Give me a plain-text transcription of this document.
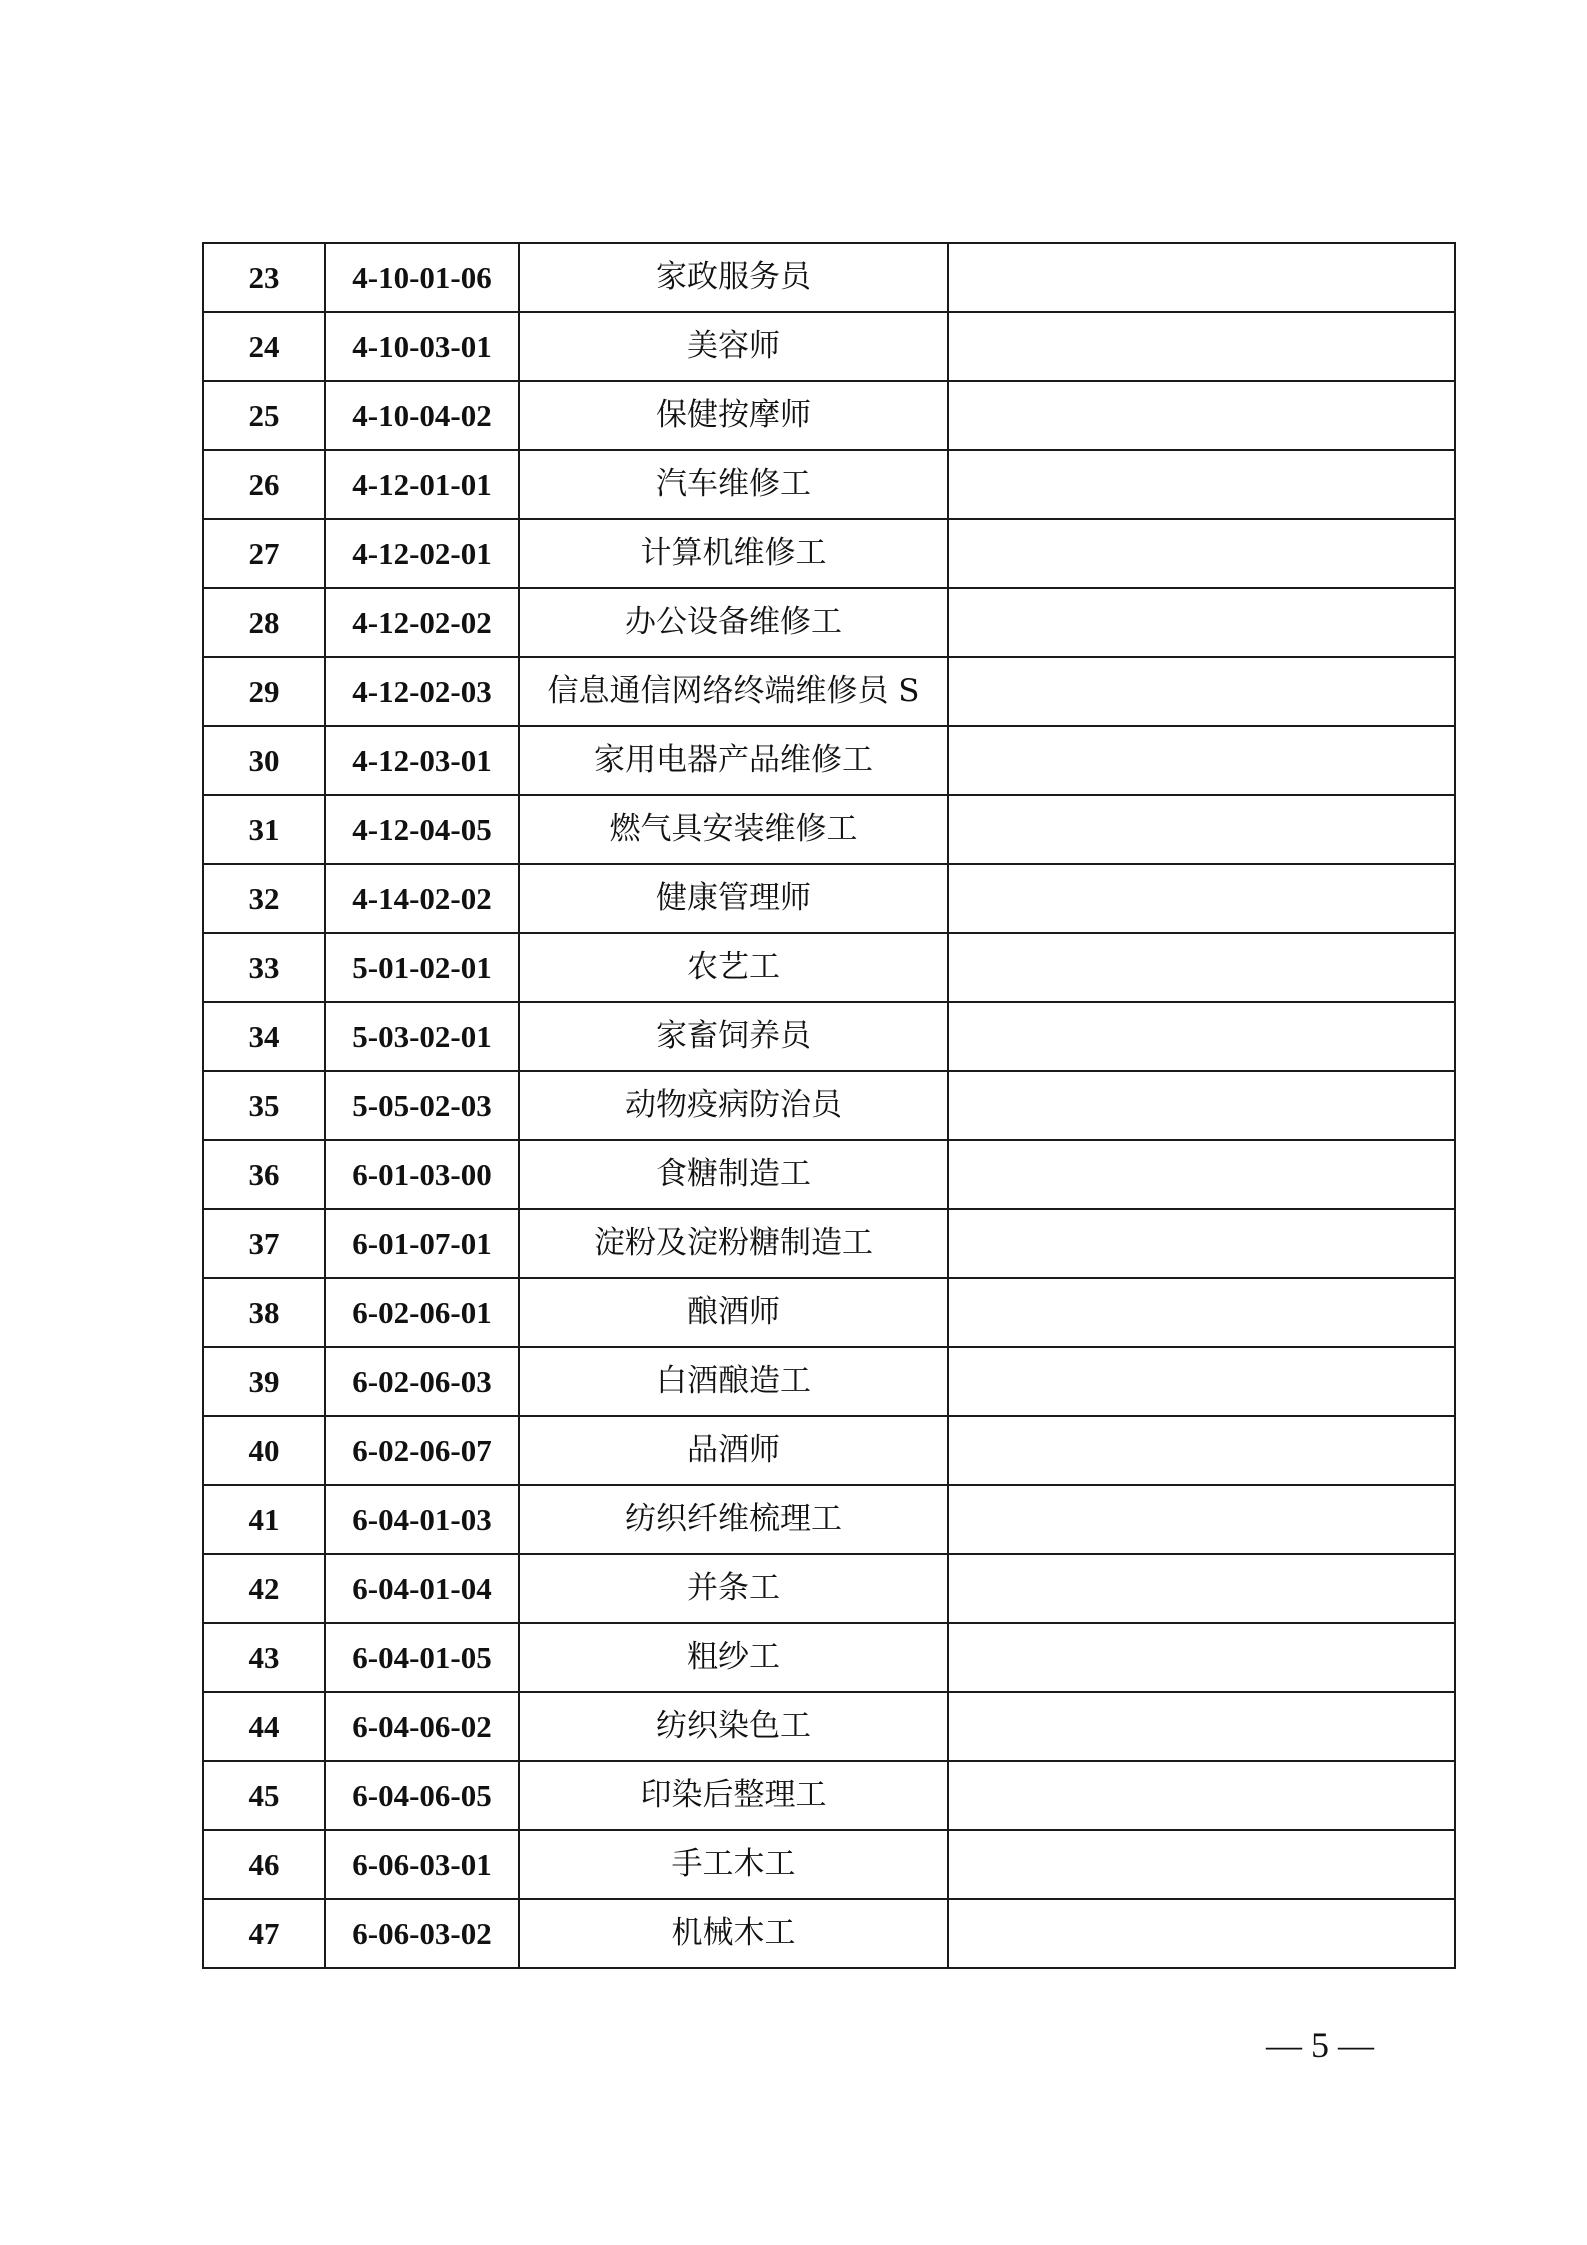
23	4-10-01-06	家政服务员	
24	4-10-03-01	美容师	
25	4-10-04-02	保健按摩师	
26	4-12-01-01	汽车维修工	
27	4-12-02-01	计算机维修工	
28	4-12-02-02	办公设备维修工	
29	4-12-02-03	信息通信网络终端维修员 S	
30	4-12-03-01	家用电器产品维修工	
31	4-12-04-05	燃气具安装维修工	
32	4-14-02-02	健康管理师	
33	5-01-02-01	农艺工	
34	5-03-02-01	家畜饲养员	
35	5-05-02-03	动物疫病防治员	
36	6-01-03-00	食糖制造工	
37	6-01-07-01	淀粉及淀粉糖制造工	
38	6-02-06-01	酿酒师	
39	6-02-06-03	白酒酿造工	
40	6-02-06-07	品酒师	
41	6-04-01-03	纺织纤维梳理工	
42	6-04-01-04	并条工	
43	6-04-01-05	粗纱工	
44	6-04-06-02	纺织染色工	
45	6-04-06-05	印染后整理工	
46	6-06-03-01	手工木工	
47	6-06-03-02	机械木工	
— 5 —
